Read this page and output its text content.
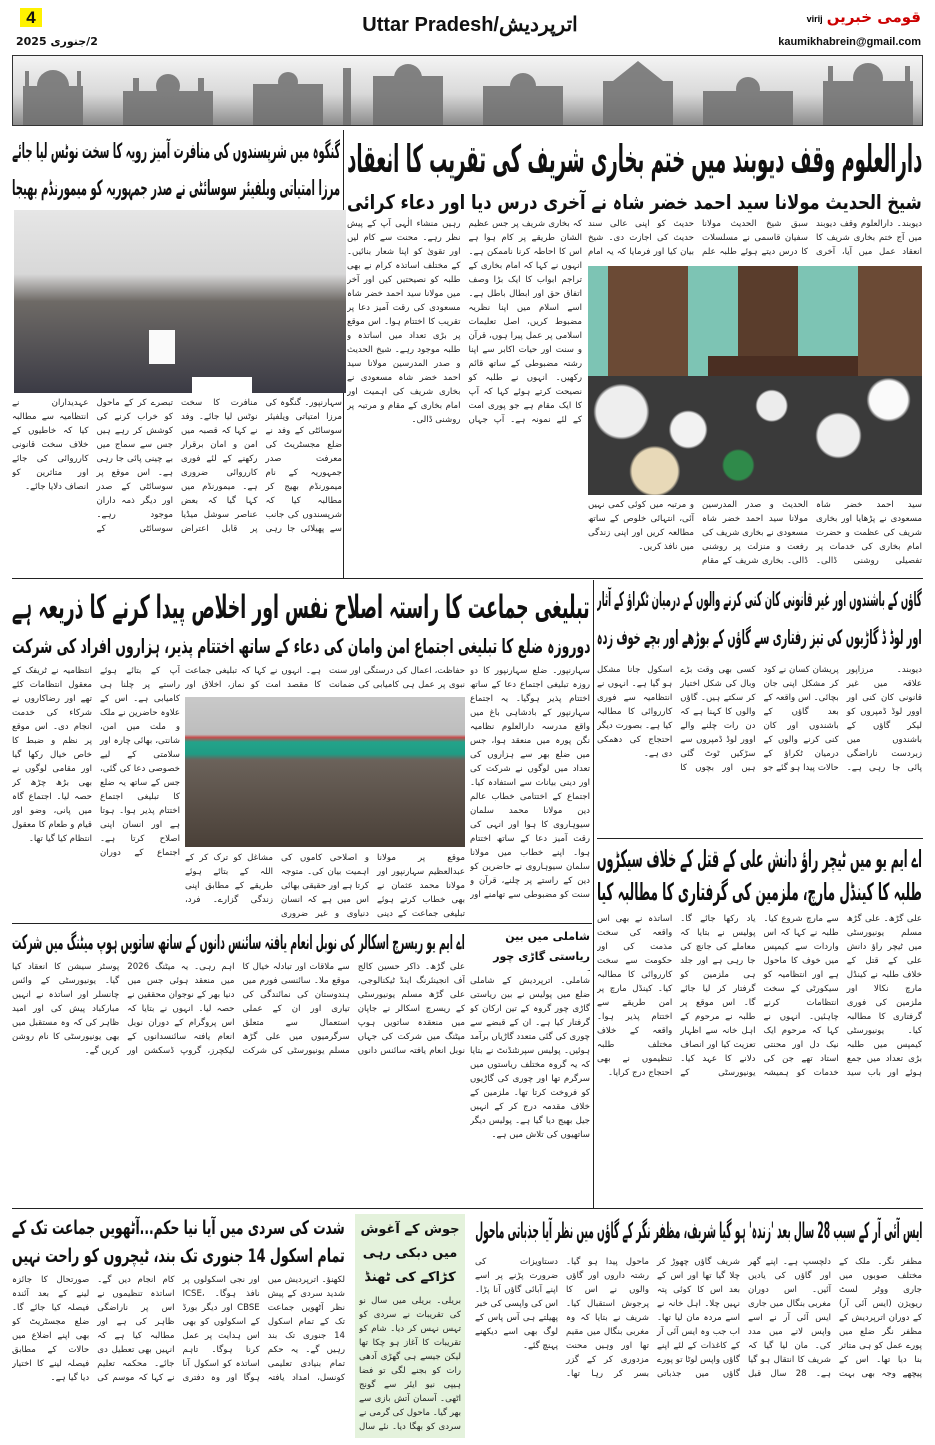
4
2/جنوری 2025
Uttar Pradesh/اترپردیش	قومی خبریںvirij
kaumikhabrein@gmail.com
دارالعلوم وقف دیوبند میں ختم بخاری شریف کی تقریب کا انعقاد
شیخ الحدیث مولانا سید احمد خضر شاہ نے آخری درس دیا اور دعاء کرائی
دیوبند۔ دارالعلوم وقف دیوبند میں آج ختم بخاری شریف کا انعقاد عمل میں آیا، آخری سبق شیخ الحدیث مولانا سفیان قاسمی نے مسلسلات کا درس دیتے ہوئے طلبہ علم حدیث کو اپنی عالی سند حدیث کی اجازت دی۔ شیخ بیان کیا اور فرمایا کہ یہ امام
کہ بخاری شریف پر جس عظیم الشان طریقے پر کام ہوا ہے اس کا احاطہ کرنا ناممکن ہے۔ انہوں نے کہا کہ امام بخاری کے تراجم ابواب کا ایک بڑا وصف اتفاق حق اور ابطال باطل ہے۔ اسے اسلام میں اپنا نظریہ مضبوط کریں، اصل تعلیمات اسلامی پر عمل پیرا ہوں، قرآن و سنت اور حیات اکابر سے اپنا رشتہ مضبوطی کے ساتھ قائم رکھیں۔ انہوں نے طلبہ کو نصیحت کرتے ہوئے کہا کہ آپ کا ایک مقام ہے جو پوری امت کے لئے نمونہ ہے۔ آپ جہاں رہیں منشاء الٰہی آپ کے پیش نظر رہے۔ محنت سے کام لیں اور تقویٰ کو اپنا شعار بنائیں۔ کے مختلف اساتذہ کرام نے بھی طلبہ کو نصیحتیں کیں اور آخر میں مولانا سید احمد خضر شاہ مسعودی کی رقت آمیز دعا پر تقریب کا اختتام ہوا۔ اس موقع پر بڑی تعداد میں اساتذہ و طلبہ موجود رہے۔ شیخ الحدیث و صدر المدرسین مولانا سید احمد خضر شاہ مسعودی نے بخاری شریف کی اہمیت اور امام بخاری کے مقام و مرتبہ پر روشنی ڈالی۔
سید احمد خضر شاہ مسعودی نے پڑھایا اور بخاری شریف کی عظمت و حضرت امام بخاری کی خدمات پر تفصیلی روشنی ڈالی۔ الحدیث و صدر المدرسین مولانا سید احمد خضر شاہ مسعودی نے بخاری شریف کی رفعت و منزلت پر روشنی ڈالی۔ بخاری شریف کے مقام و مرتبہ میں کوئی کمی نہیں آئی، انتہائی خلوص کے ساتھ مطالعہ کریں اور اپنی زندگی میں نافذ کریں۔
گنگوہ میں شرپسندوں کی منافرت آمیز رویہ کا سخت نوٹس لیا جائے
مرزا امتیاتی ویلفیئر سوسائٹی نے صدر جمہوریہ کو میمورنڈم بھیجا
سہارنپور۔ گنگوہ کی مرزا امتیاتی ویلفیئر سوسائٹی کے وفد نے ضلع مجسٹریٹ کی معرفت صدر جمہوریہ کے نام میمورنڈم بھیج کر مطالبہ کیا کہ شرپسندوں کی جانب سے پھیلائی جا رہی منافرت کا سخت نوٹس لیا جائے۔ وفد نے کہا کہ قصبہ میں امن و امان برقرار رکھنے کے لئے فوری کارروائی ضروری ہے۔ میمورنڈم میں کہا گیا کہ بعض عناصر سوشل میڈیا پر قابل اعتراض تبصرے کر کے ماحول کو خراب کرنے کی کوشش کر رہے ہیں جس سے سماج میں بے چینی پائی جا رہی ہے۔ اس موقع پر سوسائٹی کے صدر اور دیگر ذمہ داران موجود رہے۔ سوسائٹی کے عہدیداران نے انتظامیہ سے مطالبہ کیا کہ خاطیوں کے خلاف سخت قانونی کارروائی کی جائے اور متاثرین کو انصاف دلایا جائے۔
تبلیغی جماعت کا راستہ اصلاح نفس اور اخلاص پیدا کرنے کا ذریعہ ہے
دوروزہ ضلع کا تبلیغی اجتماع امن وامان کی دعاء کے ساتھ اختتام پذیر، ہزاروں افراد کی شرکت
سہارنپور۔ ضلع سہارنپور کا دو روزہ تبلیغی اجتماع دعا کے ساتھ اختتام پذیر ہوگیا۔ یہ اجتماع سہارنپور کے بادشاہی باغ میں واقع مدرسہ دارالعلوم نظامیہ نگن پورہ میں منعقد ہوا، جس میں ضلع بھر سے ہزاروں کی تعداد میں لوگوں نے شرکت کی اور دینی بیانات سے استفادہ کیا۔ اجتماع کے اختتامی خطاب عالم دین مولانا محمد سلمان سیوہاروی کا ہوا اور انہی کی رقت آمیز دعا کے ساتھ اختتام ہوا۔ اپنے خطاب میں مولانا سلمان سیوہاروی نے حاضرین کو دین کے راستے پر چلنے، قرآن و سنت کو مضبوطی سے تھامنے اور
حفاظت، اعمال کی درستگی اور سنت نبوی پر عمل ہی کامیابی کی ضمانت ہے۔ انہوں نے کہا کہ تبلیغی جماعت کا مقصد امت کو نماز، اخلاق اور
موقع پر مولانا عبدالعظیم سہارنپور اور مولانا محمد عثمان نے بھی خطاب کرتے ہوئے تبلیغی جماعت کے دینی و اصلاحی کاموں کی اہمیت بیان کی۔ متوجہ کرتا ہے اور حقیقی بھائی اس میں ہے کہ انسان دنیاوی و غیر ضروری مشاغل کو ترک کر کے اللہ کے بتائے ہوئے طریقے کے مطابق اپنی زندگی گزارے۔ فرد،
آپ کے بتائے ہوئے راستے پر چلنا ہی کامیابی ہے۔ اس کے علاوہ حاضرین نے ملک و ملت میں امن، شانتی، بھائی چارہ اور سلامتی کے لیے خصوصی دعا کی گئی، جس کے ساتھ یہ ضلع کا تبلیغی اجتماع اختتام پذیر ہوا۔ ہوتا ہے اور انسان اپنی اصلاح کرتا ہے۔ اجتماع کے دوران انتظامیہ نے ٹریفک کے معقول انتظامات کئے تھے اور رضاکاروں نے شرکاء کی خدمت انجام دی۔ اس موقع پر نظم و ضبط کا خاص خیال رکھا گیا اور مقامی لوگوں نے بھی بڑھ چڑھ کر حصہ لیا۔ اجتماع گاہ میں پانی، وضو اور قیام و طعام کا معقول انتظام کیا گیا تھا۔
گاؤں کے باشندوں اور غیر قانونی کان کنی کرنے والوں کے درمیان ٹکراؤ کے آثار
اور لوڈ ڈ گاڑیوں کی تیز رفتاری سے گاؤں کے بوڑھے اور بچے خوف زدہ
دیوبند۔ مرزاپور علاقہ میں غیر قانونی کان کنی اور اوور لوڈ ڈمپروں کو لیکر گاؤں کے باشندوں میں زبردست ناراضگی پائی جا رہی ہے۔ پریشان کسان نے کود کر مشکل اپنی جان بچائی۔ اس واقعہ کے بعد گاؤں کے باشندوں اور کان کنی کرنے والوں کے درمیان ٹکراؤ کے حالات پیدا ہو گئے جو کسی بھی وقت بڑے وبال کی شکل اختیار کر سکتے ہیں۔ گاؤں والوں کا کہنا ہے کہ دن رات چلنے والے اوور لوڈ ڈمپروں سے سڑکیں ٹوٹ گئی ہیں اور بچوں کا اسکول جانا مشکل ہو گیا ہے۔ انہوں نے انتظامیہ سے فوری کارروائی کا مطالبہ کیا ہے۔ بصورت دیگر احتجاج کی دھمکی دی ہے۔
اے ایم یو میں ٹیچر راؤ دانش علی کے قتل کے خلاف سیکڑوں
طلبہ کا کینڈل مارچ، ملزمین کی گرفتاری کا مطالبہ کیا
علی گڑھ۔ علی گڑھ مسلم یونیورسٹی میں ٹیچر راؤ دانش علی کے قتل کے خلاف طلبہ نے کینڈل مارچ نکالا اور ملزمین کی فوری گرفتاری کا مطالبہ کیا۔ یونیورسٹی کیمپس میں طلبہ بڑی تعداد میں جمع ہوئے اور باب سید سے مارچ شروع کیا۔ طلبہ نے کہا کہ اس واردات سے کیمپس میں خوف کا ماحول ہے اور انتظامیہ کو سیکورٹی کے سخت انتظامات کرنے چاہئیں۔ انہوں نے کہا کہ مرحوم ایک نیک دل اور محنتی استاد تھے جن کی خدمات کو ہمیشہ یاد رکھا جائے گا۔ پولیس نے بتایا کہ معاملے کی جانچ کی جا رہی ہے اور جلد ہی ملزمین کو گرفتار کر لیا جائے گا۔ اس موقع پر طلبہ نے مرحوم کے اہل خانہ سے اظہار تعزیت کیا اور انصاف دلانے کا عہد کیا۔ یونیورسٹی کے اساتذہ نے بھی اس واقعہ کی سخت مذمت کی اور حکومت سے سخت کارروائی کا مطالبہ کیا۔ کینڈل مارچ پر امن طریقے سے اختتام پذیر ہوا۔ واقعہ کے خلاف مختلف طلبہ تنظیموں نے بھی احتجاج درج کرایا۔
اے ایم یو ریسرچ اسکالر کی نوبل انعام یافتہ سائنس دانوں کے ساتھ ساتویں ہوپ میٹنگ میں شرکت
علی گڑھ۔ ذاکر حسین کالج آف انجینئرنگ اینڈ ٹیکنالوجی، علی گڑھ مسلم یونیورسٹی کے ریسرچ اسکالر نے جاپان میں منعقدہ ساتویں ہوپ میٹنگ میں شرکت کی جہاں نوبل انعام یافتہ سائنس دانوں سے ملاقات اور تبادلہ خیال کا موقع ملا۔ سائنسی فورم میں ہندوستان کی نمائندگی کی تیاری اور ان کے عملی استعمال سے متعلق سرگرمیوں میں علی گڑھ مسلم یونیورسٹی کی شرکت اہم رہی۔ یہ میٹنگ 2026 میں منعقد ہوئی جس میں دنیا بھر کے نوجوان محققین نے حصہ لیا۔ انہوں نے بتایا کہ اس پروگرام کے دوران نوبل انعام یافتہ سائنسدانوں کے لیکچرز، گروپ ڈسکشن اور پوسٹر سیشن کا انعقاد کیا گیا۔ یونیورسٹی کے وائس چانسلر اور اساتذہ نے انہیں مبارکباد پیش کی اور امید ظاہر کی کہ وہ مستقبل میں بھی یونیورسٹی کا نام روشن کریں گے۔
شاملی میں بین ریاستی گاڑی چور
شاملی۔ اترپردیش کے شاملی ضلع میں پولیس نے بین ریاستی گاڑی چور گروہ کے تین ارکان کو گرفتار کیا ہے۔ ان کے قبضے سے چوری کی گئی متعدد گاڑیاں برآمد ہوئیں۔ پولیس سپرنٹنڈنٹ نے بتایا کہ یہ گروہ مختلف ریاستوں میں سرگرم تھا اور چوری کی گاڑیوں کو فروخت کرتا تھا۔ ملزمین کے خلاف مقدمہ درج کر کے انہیں جیل بھیج دیا گیا ہے۔ پولیس دیگر ساتھیوں کی تلاش میں ہے۔
شدت کی سردی میں آیا نیا حکم...آٹھویں جماعت تک کے
تمام اسکول 14 جنوری تک بند، ٹیچروں کو راحت نہیں
لکھنؤ۔ اترپردیش میں شدید سردی کے پیش نظر آٹھویں جماعت تک کے تمام اسکول 14 جنوری تک بند رہیں گے۔ یہ حکم تمام بنیادی تعلیمی کونسل، امداد یافتہ اور نجی اسکولوں پر نافذ ہوگا۔ ICSE، CBSE اور دیگر بورڈ کے اسکولوں کو بھی اس ہدایت پر عمل کرنا ہوگا۔ تاہم اساتذہ کو اسکول آنا ہوگا اور وہ دفتری کام انجام دیں گے۔ اساتذہ تنظیموں نے اس پر ناراضگی ظاہر کی ہے اور مطالبہ کیا ہے کہ انہیں بھی تعطیل دی جائے۔ محکمہ تعلیم نے کہا کہ موسم کی صورتحال کا جائزہ لینے کے بعد آئندہ فیصلہ کیا جائے گا۔ ضلع مجسٹریٹ کو بھی اپنے اضلاع میں حالات کے مطابق فیصلہ لینے کا اختیار دیا گیا ہے۔
جوش کے آغوش میں دبکی رہی کڑاکے کی ٹھنڈ
بریلی۔ بریلی میں سال نو کی تقریبات نے سردی کو تہس نہس کر دیا۔ شام کو تقریبات کا آغاز ہو چکا تھا لیکن جیسے ہی گھڑی آدھی رات کو بجنے لگی تو فضا ہیپی نیو ایئر سے گونج اٹھی۔ آسمان آتش بازی سے بھر گیا۔ ماحول کی گرمی نے سردی کو بھگا دیا۔ نئے سال
ایس آئی آر کے سبب 28 سال بعد 'زندہ' ہو گیا شریف، مظفر نگر کے گاؤں میں نظر آیا جذباتی ماحول
مظفر نگر۔ ملک کے مختلف صوبوں میں جاری ووٹر لسٹ ریویژن (ایس آئی آر) کے دوران اترپردیش کے مظفر نگر ضلع میں پورے عمل کو ہی متاثر بنا دیا تھا۔ اس کے پیچھے وجہ بھی بہت دلچسپ ہے۔ اپنے گھر اور گاؤں کی یادیں آئیں۔ اس دوران مغربی بنگال میں جاری ایس آئی آر نے اسے واپس لانے میں مدد کی۔ مان لیا گیا کہ شریف کا انتقال ہو گیا ہے۔ 28 سال قبل شریف گاؤں چھوڑ کر چلا گیا تھا اور اس کے بعد اس کا کوئی پتہ نہیں چلا۔ اہل خانہ نے اسے مردہ مان لیا تھا۔ اب جب وہ ایس آئی آر کے کاغذات کے لئے اپنے گاؤں واپس لوٹا تو پورے گاؤں میں جذباتی ماحول پیدا ہو گیا۔ رشتہ داروں اور گاؤں والوں نے اس کا پرجوش استقبال کیا۔ شریف نے بتایا کہ وہ مغربی بنگال میں مقیم تھا اور وہیں محنت مزدوری کر کے گزر بسر کر رہا تھا۔ دستاویزات کی ضرورت پڑنے پر اسے اپنے آبائی گاؤں آنا پڑا۔ اس کی واپسی کی خبر پھیلتے ہی آس پاس کے لوگ بھی اسے دیکھنے پہنچ گئے۔
